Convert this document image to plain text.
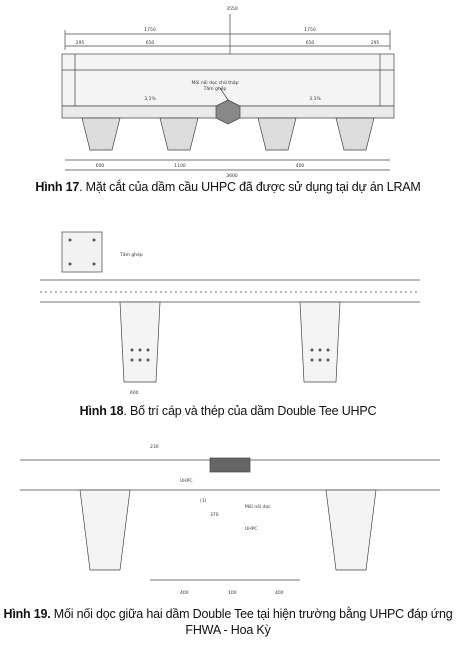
3550
1750	1750
295	650	650	295
Mối nối dọc chữ thập
Tấm ghép
3.1%	3.1%
600	1100	400
3600
Hình 17. Mặt cắt của dầm cầu UHPC đã được sử dụng tại dự án LRAM
Tấm ghép
600
Hình 18. Bố trí cáp và thép của dầm Double Tee UHPC
230
UHPC
(1)
370
Mối nối dọc
UHPC
400	100	400
Hình 19. Mối nối dọc giữa hai dầm Double Tee tại hiện trường bằng UHPC đáp ứng
FHWA - Hoa Kỳ
